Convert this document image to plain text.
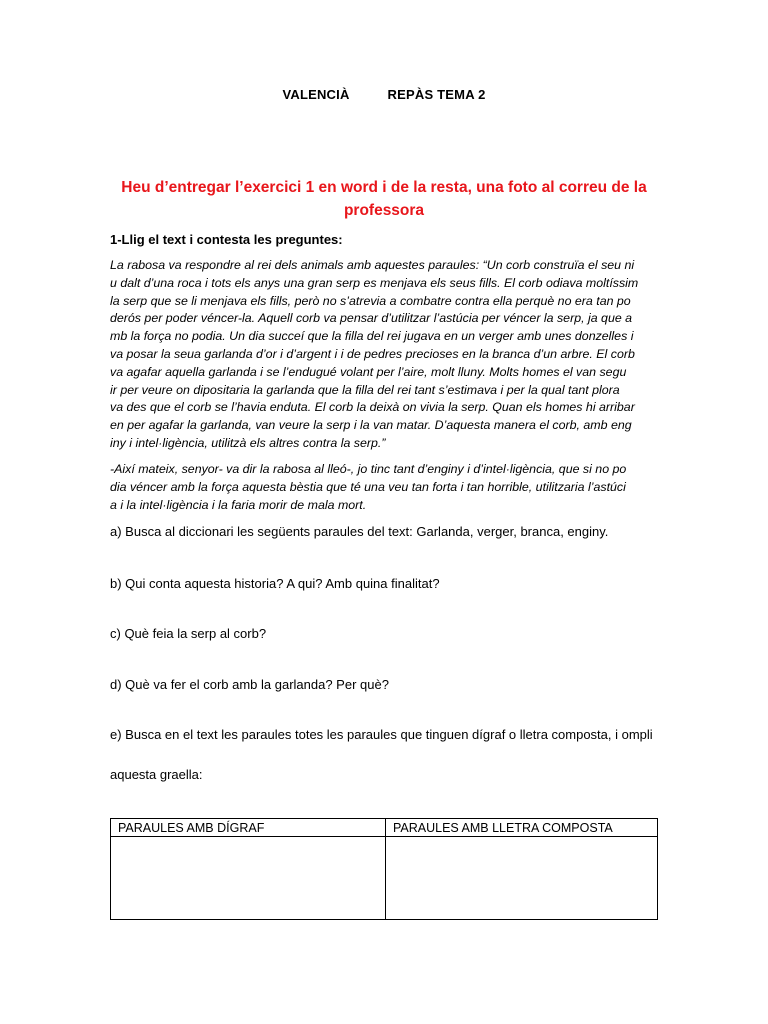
VALENCIÀ	REPÀS TEMA 2
Heu d’entregar l’exercici 1 en word i de la resta, una foto al correu de la professora
1-Llig el text i contesta les preguntes:
La rabosa va respondre al rei dels animals amb aquestes paraules: “Un corb construïa el seu ni
u dalt d’una roca i tots els anys una gran serp es menjava els seus fills. El corb odiava moltíssim
la serp que se li menjava els fills, però no s’atrevia a combatre contra ella perquè no era tan po
derós per poder véncer-la. Aquell corb va pensar d’utilitzar l’astúcia per véncer la serp, ja que a
mb la força no podia. Un dia succeí que la filla del rei jugava en un verger amb unes donzelles i
va posar la seua garlanda d’or i d’argent i i de pedres precioses en la branca d’un arbre. El corb
va agafar aquella garlanda i se l’endugué volant per l’aire, molt lluny. Molts homes el van segu
ir per veure on dipositaria la garlanda que la filla del rei tant s’estimava i per la qual tant plora
va des que el corb se l’havia enduta. El corb la deixà on vivia la serp. Quan els homes hi arribar
en per agafar la garlanda, van veure la serp i la van matar. D’aquesta manera el corb, amb eng
iny i intel·ligència, utilitzà els altres contra la serp.”
-Així mateix, senyor- va dir la rabosa al lleó-, jo tinc tant d’enginy i d’intel·ligència, que si no po
dia véncer amb la força aquesta bèstia que té una veu tan forta i tan horrible, utilitzaria l’astúci
a i la intel·ligència i la faria morir de mala mort.
a) Busca al diccionari les següents paraules del text: Garlanda, verger, branca, enginy.
b) Qui conta aquesta historia? A qui? Amb quina finalitat?
c) Què feia la serp al corb?
d) Què va fer el corb amb la garlanda? Per què?
e) Busca en el text les paraules totes les paraules que tinguen dígraf o lletra composta, i ompli
aquesta graella:
PARAULES AMB DÍGRAF	PARAULES AMB LLETRA COMPOSTA
